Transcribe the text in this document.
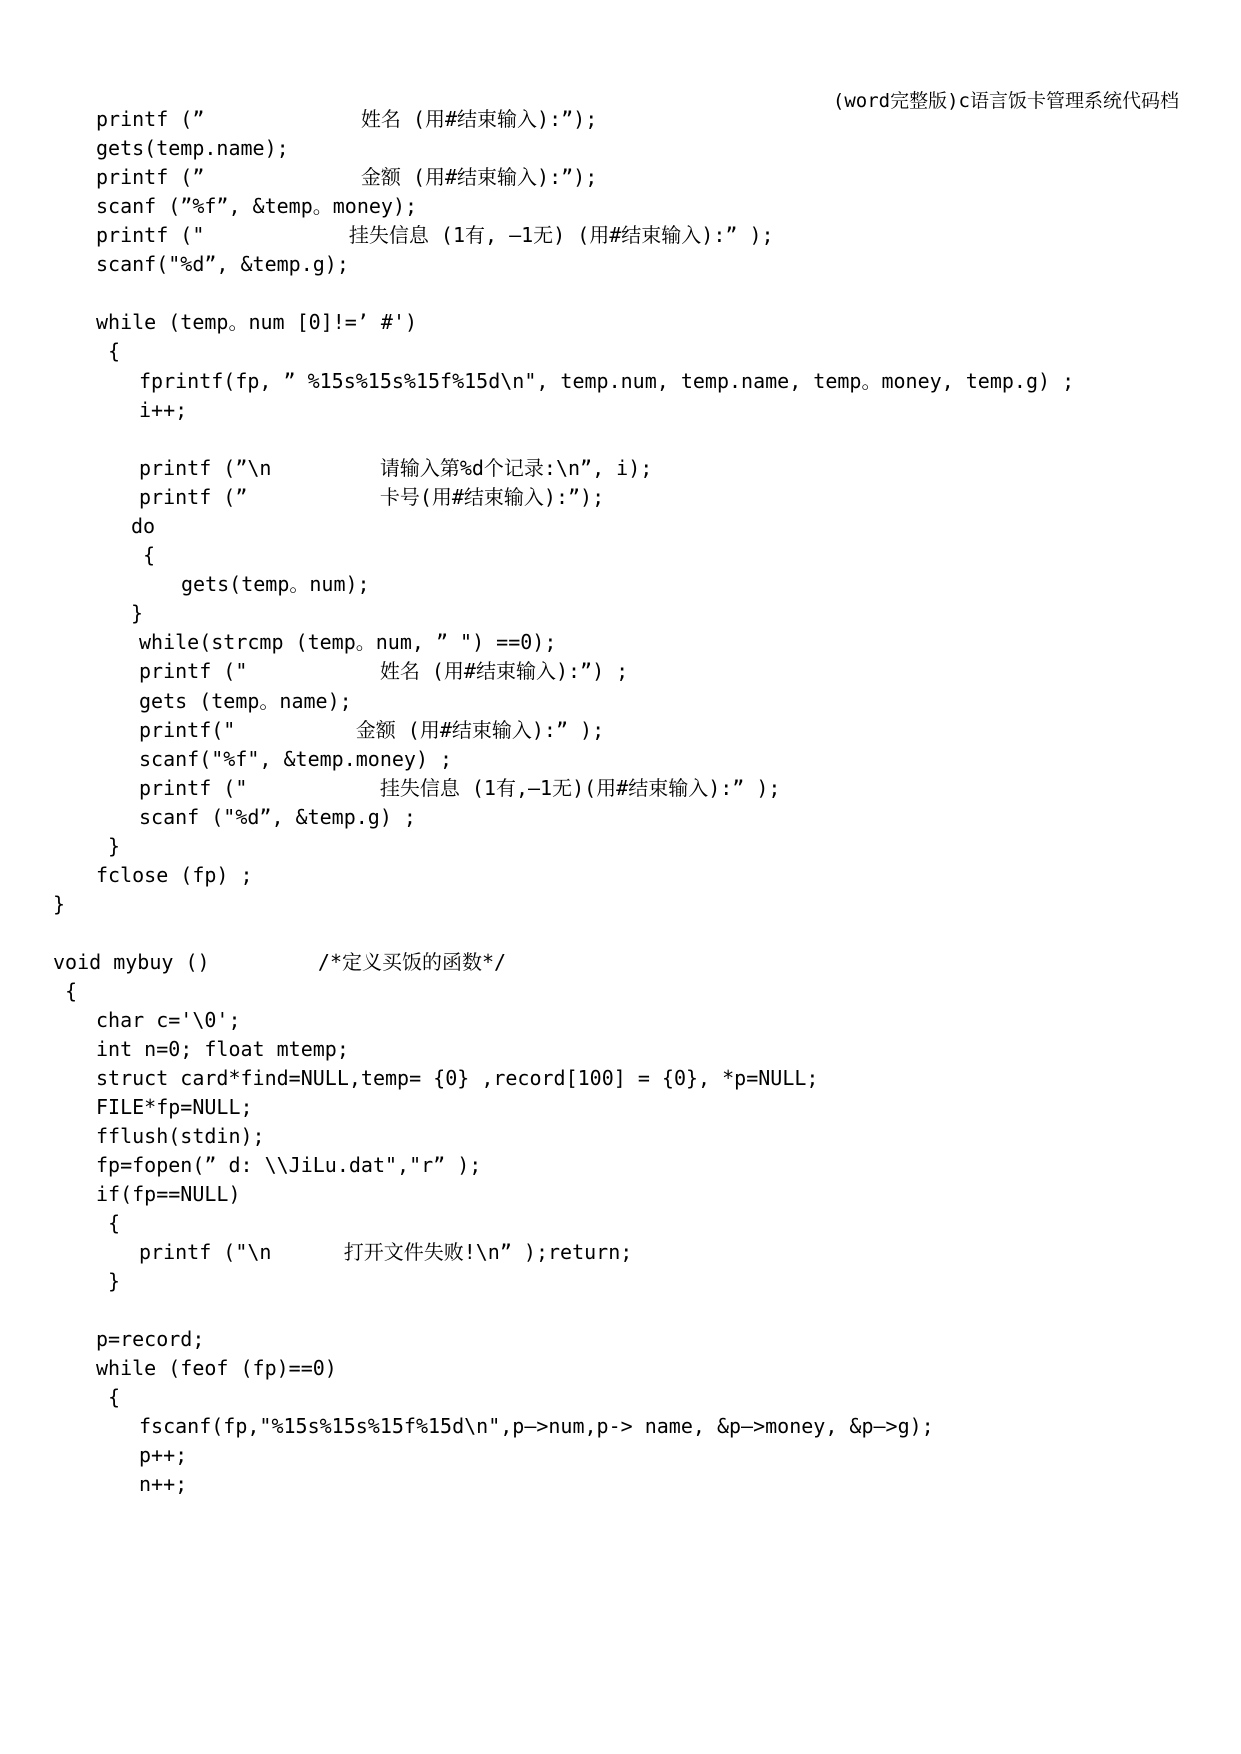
(word完整版)c语言饭卡管理系统代码档
printf (”             姓名 (用#结束输入):”);
gets(temp.name);
printf (”             金额 (用#结束输入):”);
scanf (”%f”, &temp。money);
printf ("            挂失信息 (1有, —1无) (用#结束输入):” );
scanf("%d”, &temp.g);
while (temp。num [0]!=’ #')
{
fprintf(fp, ” %15s%15s%15f%15d\n", temp.num, temp.name, temp。money, temp.g) ;
i++;
printf (”\n         请输入第%d个记录:\n”, i);
printf (”           卡号(用#结束输入):”);
do
{
gets(temp。num);
}
while(strcmp (temp。num, ” ") ==0);
printf ("           姓名 (用#结束输入):”) ;
gets (temp。name);
printf("          金额 (用#结束输入):” );
scanf("%f", &temp.money) ;
printf ("           挂失信息 (1有,—1无)(用#结束输入):” );
scanf ("%d”, &temp.g) ;
}
fclose (fp) ;
}
void mybuy ()         /*定义买饭的函数*/
{
char c='\0';
int n=0; float mtemp;
struct card*find=NULL,temp= {0} ,record[100] = {0}, *p=NULL;
FILE*fp=NULL;
fflush(stdin);
fp=fopen(” d: \\JiLu.dat","r” );
if(fp==NULL)
{
printf ("\n      打开文件失败!\n” );return;
}
p=record;
while (feof (fp)==0)
{
fscanf(fp,"%15s%15s%15f%15d\n",p—>num,p-> name, &p—>money, &p—>g);
p++;
n++;
